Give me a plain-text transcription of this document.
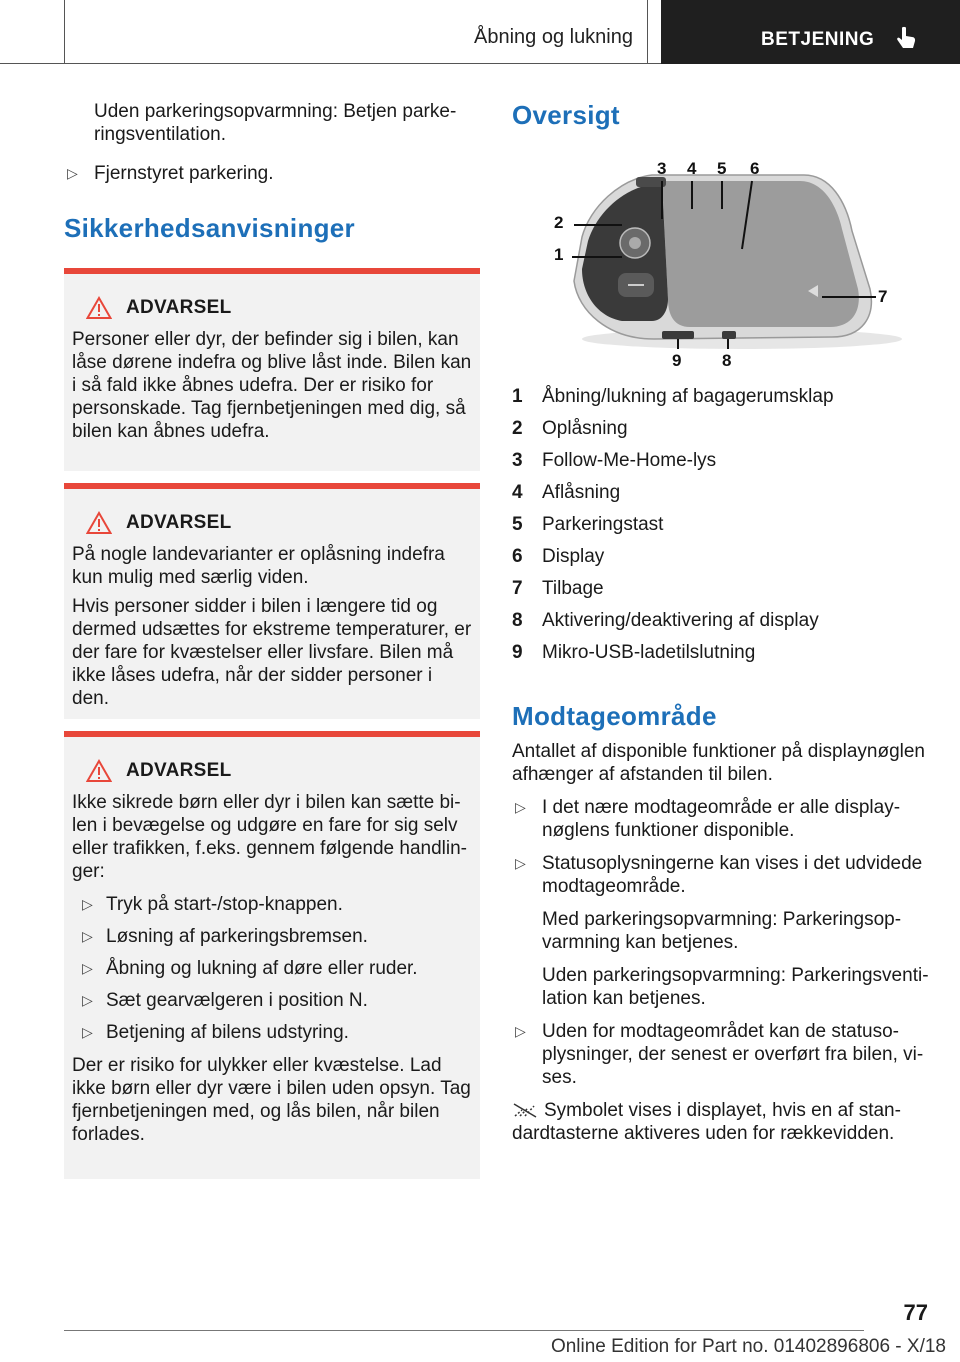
Åbning og lukning	BETJENING

Uden parkeringsopvarmning: Betjen parkeringsventilation.

▷ Fjernstyret parkering.
Sikkerhedsanvisninger
ADVARSEL

Personer eller dyr, der befinder sig i bilen, kan låse dørene indefra og blive låst inde. Bilen kan i så fald ikke åbnes udefra. Der er risiko for personskade. Tag fjernbetjeningen med dig, så bilen kan åbnes udefra.

ADVARSEL

På nogle landevarianter er oplåsning indefra kun mulig med særlig viden.

Hvis personer sidder i bilen i længere tid og dermed udsættes for ekstreme temperaturer, er der fare for kvæstelser eller livsfare. Bilen må ikke låses udefra, når der sidder personer i den.

ADVARSEL

Ikke sikrede børn eller dyr i bilen kan sætte bilen i bevægelse og udgøre en fare for sig selv eller trafikken, f.eks. gennem følgende handlinger:

▷ Tryk på start-/stop-knappen.
▷ Løsning af parkeringsbremsen.
▷ Åbning og lukning af døre eller ruder.
▷ Sæt gearvælgeren i position N.
▷ Betjening af bilens udstyring.

Der er risiko for ulykker eller kvæstelse. Lad ikke børn eller dyr være i bilen uden opsyn. Tag fjernbetjeningen med, og lås bilen, når bilen forlades.

Oversigt
1
2
3 4 5 6
7
8
9
1	Åbning/lukning af bagagerumsklap
2	Oplåsning
3	Follow-Me-Home-lys
4	Aflåsning
5	Parkeringstast
6	Display
7	Tilbage
8	Aktivering/deaktivering af display
9	Mikro-USB-ladetilslutning
Modtageområde

Antallet af disponible funktioner på displaynøglen afhænger af afstanden til bilen.

▷ I det nære modtageområde er alle displaynøglens funktioner disponible.
▷ Statusoplysningerne kan vises i det udvidede modtageområde.

Med parkeringsopvarmning: Parkeringsopvarmning kan betjenes.

Uden parkeringsopvarmning: Parkeringsventilation kan betjenes.

▷ Uden for modtageområdet kan de statusoplysninger, der senest er overført fra bilen, vises.

Symbolet vises i displayet, hvis en af standardtasterne aktiveres uden for rækkevidden.

77
Online Edition for Part no. 01402896806 - X/18
